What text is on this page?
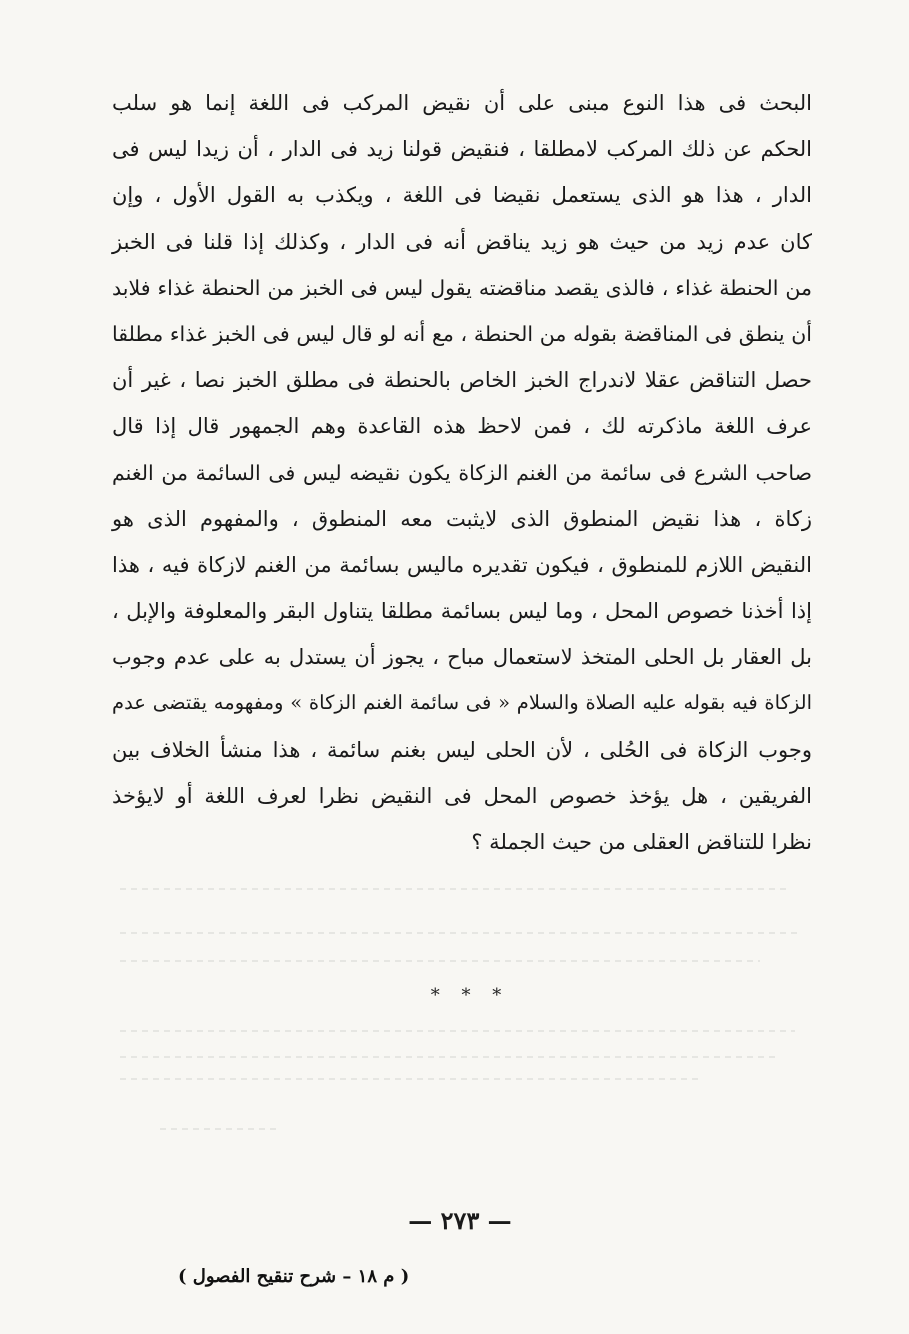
البحث فى هذا النوع مبنى على أن نقيض المركب فى اللغة إنما هو سلب
الحكم عن ذلك المركب لامطلقا ، فنقيض قولنا زيد فى الدار ، أن زيدا ليس فى
الدار ، هذا هو الذى يستعمل نقيضا فى اللغة ، ويكذب به القول الأول ، وإن
كان عدم زيد من حيث هو زيد يناقض أنه فى الدار ، وكذلك إذا قلنا فى الخبز
من الحنطة غذاء ، فالذى يقصد مناقضته يقول ليس فى الخبز من الحنطة غذاء فلابد
أن ينطق فى المناقضة بقوله من الحنطة ، مع أنه لو قال ليس فى الخبز غذاء مطلقا
حصل التناقض عقلا لاندراج الخبز الخاص بالحنطة فى مطلق الخبز نصا ، غير أن
عرف اللغة ماذكرته لك ، فمن لاحظ هذه القاعدة وهم الجمهور قال إذا قال
صاحب الشرع فى سائمة من الغنم الزكاة يكون نقيضه ليس فى السائمة من الغنم
زكاة ، هذا نقيض المنطوق الذى لايثبت معه المنطوق ، والمفهوم الذى هو
النقيض اللازم للمنطوق ، فيكون تقديره ماليس بسائمة من الغنم لازكاة فيه ، هذا
إذا أخذنا خصوص المحل ، وما ليس بسائمة مطلقا يتناول البقر والمعلوفة والإبل ،
بل العقار بل الحلى المتخذ لاستعمال مباح ، يجوز أن يستدل به على عدم وجوب
الزكاة فيه بقوله عليه الصلاة والسلام « فى سائمة الغنم الزكاة » ومفهومه يقتضى عدم
وجوب الزكاة فى الحُلى ، لأن الحلى ليس بغنم سائمة ، هذا منشأ الخلاف بين
الفريقين ، هل يؤخذ خصوص المحل فى النقيض نظرا لعرف اللغة أو لايؤخذ
نظرا للتناقض العقلى من حيث الجملة ؟
* * *
— ٢٧٣ —
( م ١٨ – شرح تنقيح الفصول )
